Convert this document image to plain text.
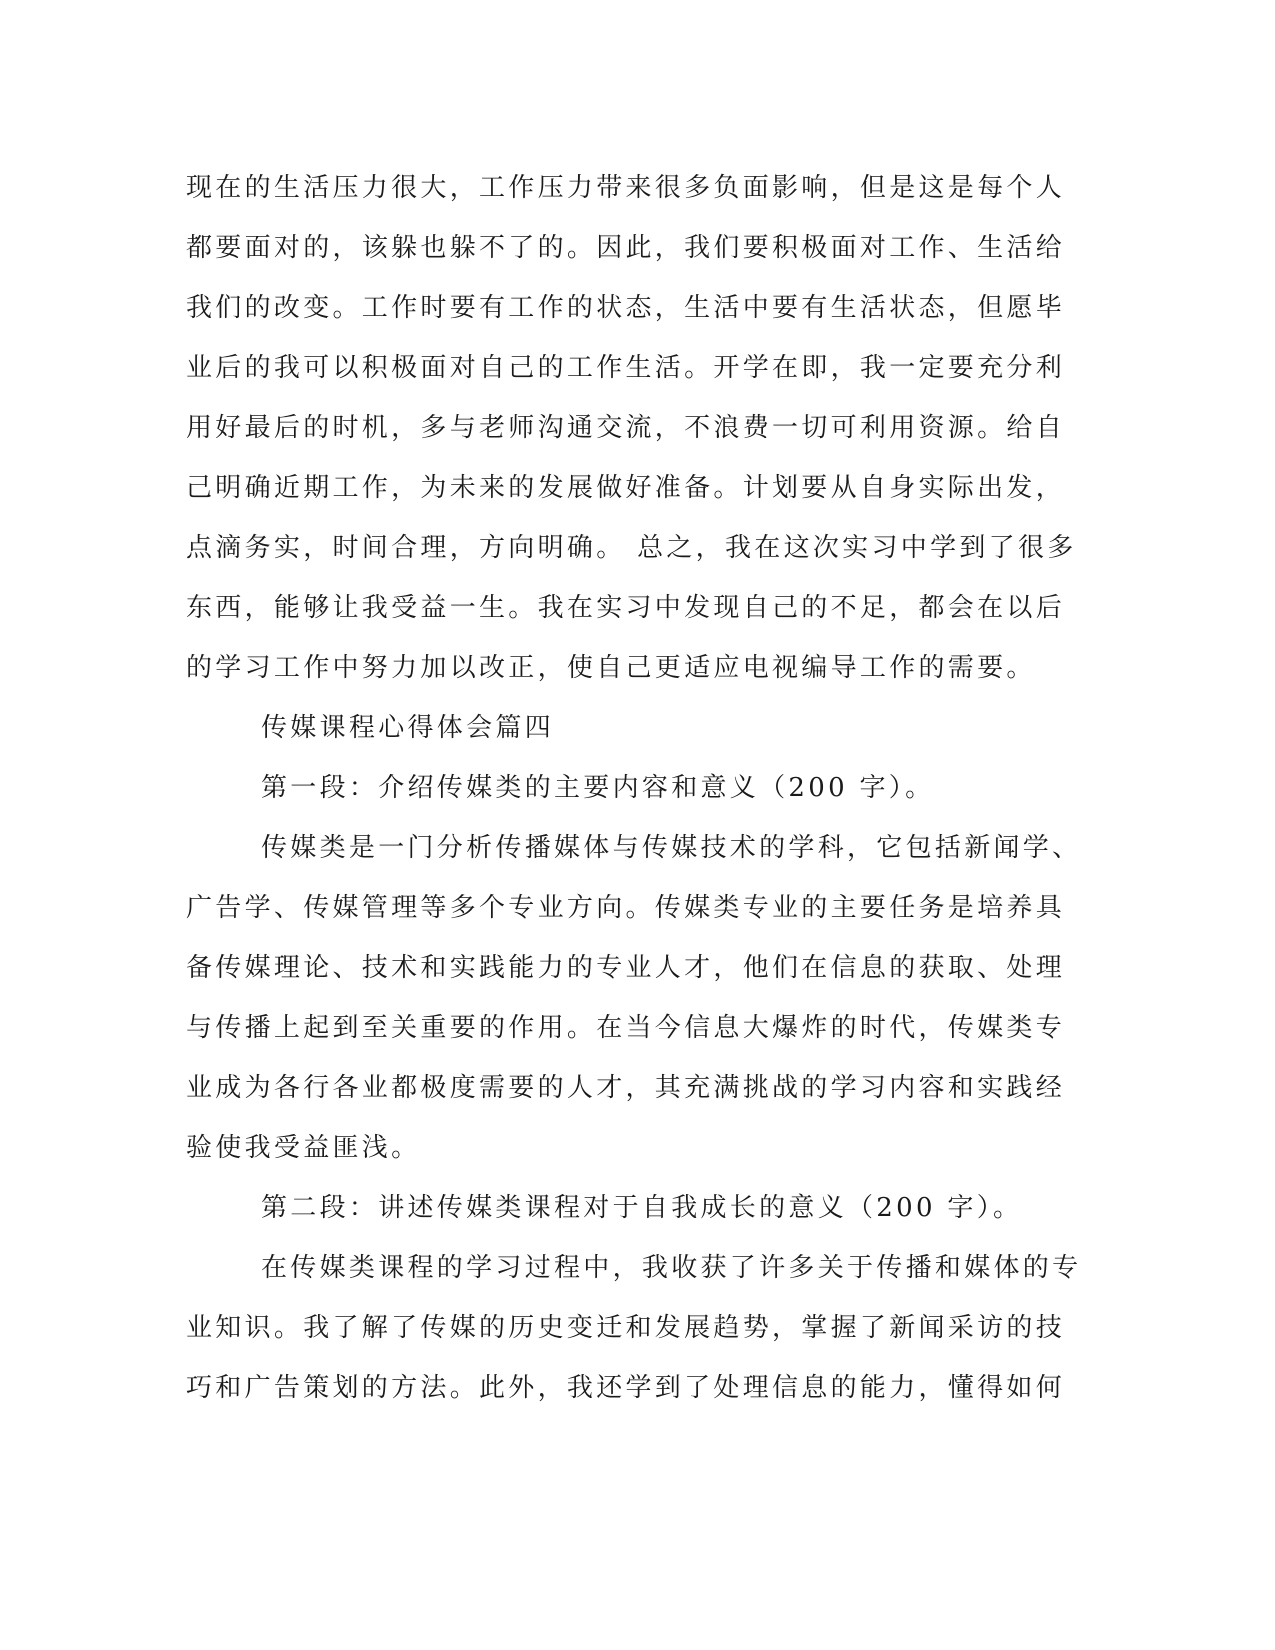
现在的生活压力很大，工作压力带来很多负面影响，但是这是每个人
都要面对的，该躲也躲不了的。因此，我们要积极面对工作、生活给
我们的改变。工作时要有工作的状态，生活中要有生活状态，但愿毕
业后的我可以积极面对自己的工作生活。开学在即，我一定要充分利
用好最后的时机，多与老师沟通交流，不浪费一切可利用资源。给自
己明确近期工作，为未来的发展做好准备。计划要从自身实际出发，
点滴务实，时间合理，方向明确。 总之，我在这次实习中学到了很多
东西，能够让我受益一生。我在实习中发现自己的不足，都会在以后
的学习工作中努力加以改正，使自己更适应电视编导工作的需要。
传媒课程心得体会篇四
第一段：介绍传媒类的主要内容和意义（200 字）。
传媒类是一门分析传播媒体与传媒技术的学科，它包括新闻学、
广告学、传媒管理等多个专业方向。传媒类专业的主要任务是培养具
备传媒理论、技术和实践能力的专业人才，他们在信息的获取、处理
与传播上起到至关重要的作用。在当今信息大爆炸的时代，传媒类专
业成为各行各业都极度需要的人才，其充满挑战的学习内容和实践经
验使我受益匪浅。
第二段：讲述传媒类课程对于自我成长的意义（200 字）。
在传媒类课程的学习过程中，我收获了许多关于传播和媒体的专
业知识。我了解了传媒的历史变迁和发展趋势，掌握了新闻采访的技
巧和广告策划的方法。此外，我还学到了处理信息的能力，懂得如何
